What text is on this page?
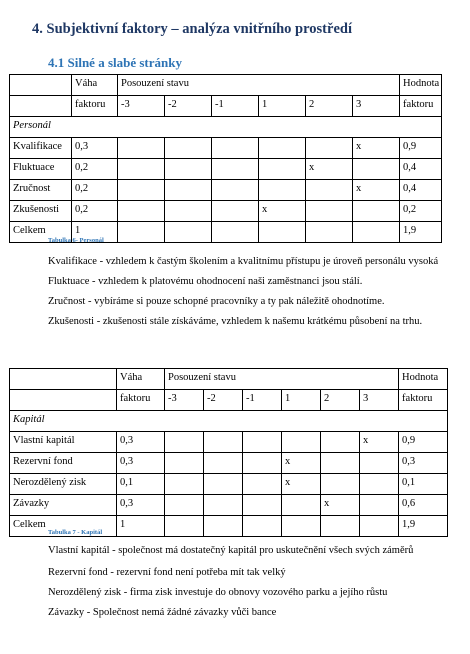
4. Subjektivní faktory – analýza vnitřního prostředí
4.1 Silné a slabé stránky
	Váha	Posouzení stavu						Hodnota
	faktoru	-3	-2	-1	1	2	3	faktoru
Personál								
Kvalifikace	0,3						x	0,9
Fluktuace	0,2					x		0,4
Zručnost	0,2						x	0,4
Zkušenosti	0,2				x			0,2
Celkem	1							1,9
Tabulka 6- Personál

Kvalifikace - vzhledem k častým školením a kvalitnímu přístupu je úroveň personálu vysoká

Fluktuace - vzhledem k platovému ohodnocení naši zaměstnanci jsou stálí.

Zručnost - vybíráme si pouze schopné pracovníky a ty pak náležitě ohodnotíme.

Zkušenosti - zkušenosti stále získáváme, vzhledem k našemu krátkému působení na trhu.

	Váha	Posouzení stavu						Hodnota
	faktoru	-3	-2	-1	1	2	3	faktoru
Kapitál								
Vlastní kapitál	0,3						x	0,9
Rezervní fond	0,3				x			0,3
Nerozdělený zisk	0,1				x			0,1
Závazky	0,3					x		0,6
Celkem	1							1,9
Tabulka 7 - Kapitál
Vlastní kapitál - společnost má dostatečný kapitál pro uskutečnění všech svých záměrů
Rezervní fond - rezervní fond není potřeba mít tak velký
Nerozdělený zisk - firma zisk investuje do obnovy vozového parku a jejího růstu
Závazky - Společnost nemá žádné závazky vůči bance
